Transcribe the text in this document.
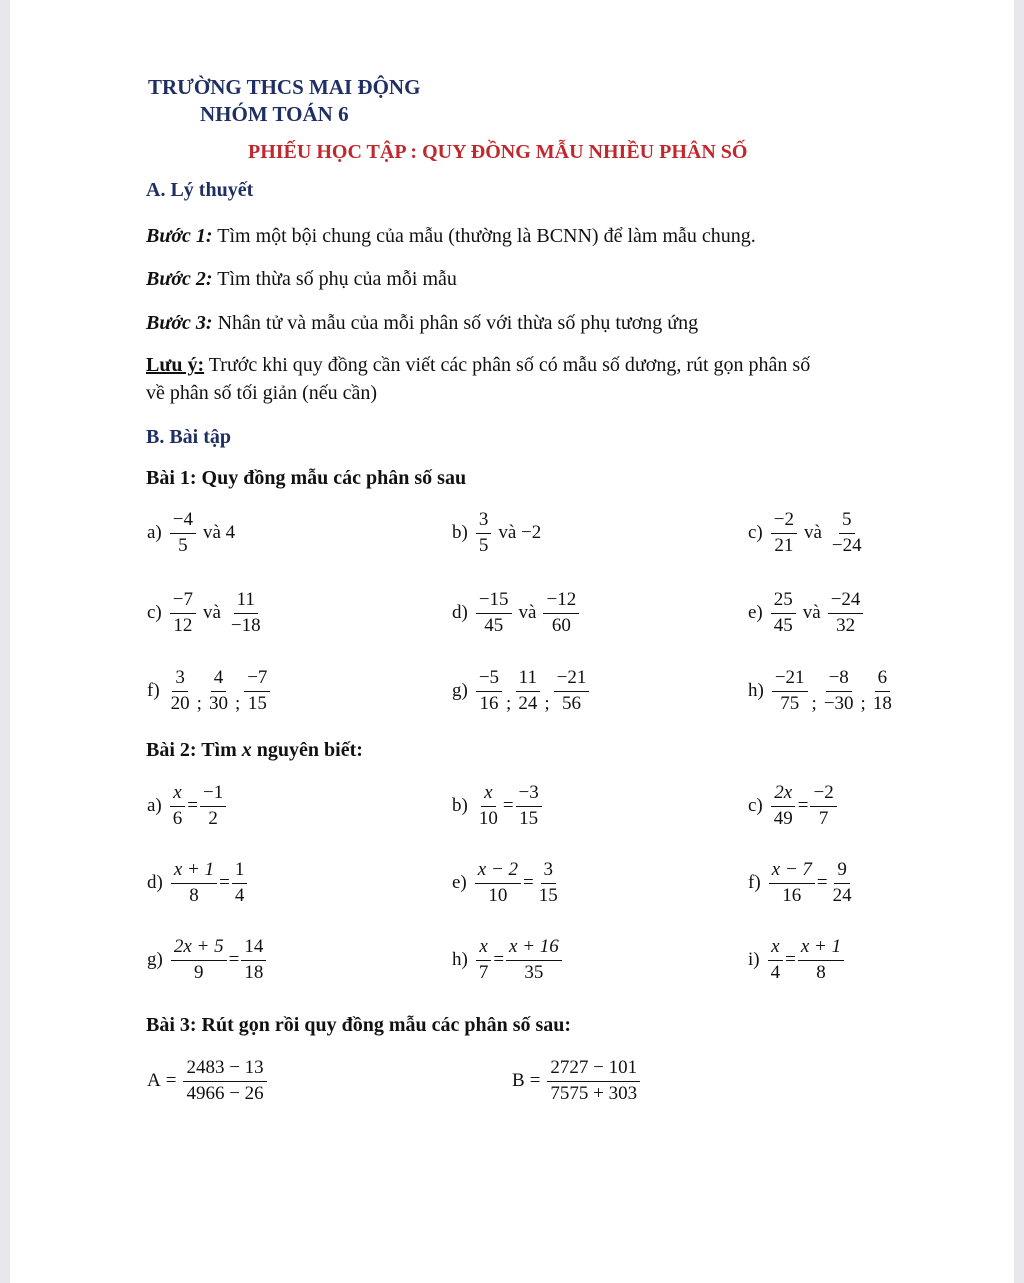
TRƯỜNG THCS MAI ĐỘNG
NHÓM TOÁN 6
PHIẾU HỌC TẬP : QUY ĐỒNG MẪU NHIỀU PHÂN SỐ
A. Lý thuyết
Bước 1: Tìm một bội chung của mẫu (thường là BCNN) để làm mẫu chung.
Bước 2: Tìm thừa số phụ của mỗi mẫu
Bước 3: Nhân tử và mẫu của mỗi phân số với thừa số phụ tương ứng
Lưu ý: Trước khi quy đồng cần viết các phân số có mẫu số dương, rút gọn phân số
về phân số tối giản (nếu cần)
B. Bài tập
Bài 1: Quy đồng mẫu các phân số sau
$a) \frac{-4}{5}$ và 4	$b) \frac{3}{5}$ và −2	$c) \frac{-2}{21}$ và $\frac{5}{-24}$
$c) \frac{-7}{12}$ và $\frac{11}{-18}$	$d) \frac{-15}{45}$ và $\frac{-12}{60}$	$e) \frac{25}{45}$ và $\frac{-24}{32}$
$f) \frac{3}{20}$ ; $\frac{4}{30}$ ; $\frac{-7}{15}$	$g) \frac{-5}{16}$ ; $\frac{11}{24}$ ; $\frac{-21}{56}$	$h) \frac{-21}{75}$ ; $\frac{-8}{-30}$ ; $\frac{6}{18}$
Bài 2: Tìm x nguyên biết:
$a) \frac{x}{6} = \frac{-1}{2}$	$b) \frac{x}{10} = \frac{-3}{15}$	$c) \frac{2x}{49} = \frac{-2}{7}$
$d) \frac{x + 1}{8} = \frac{1}{4}$	$e) \frac{x - 2}{10} = \frac{3}{15}$	$f) \frac{x - 7}{16} = \frac{9}{24}$
$g) \frac{2x + 5}{9} = \frac{14}{18}$	$h) \frac{x}{7} = \frac{x + 16}{35}$	$i) \frac{x}{4} = \frac{x + 1}{8}$
Bài 3: Rút gọn rồi quy đồng mẫu các phân số sau:
$A = \frac{2483 - 13}{4966 - 26}$	$B = \frac{2727 - 101}{7575 + 303}$
